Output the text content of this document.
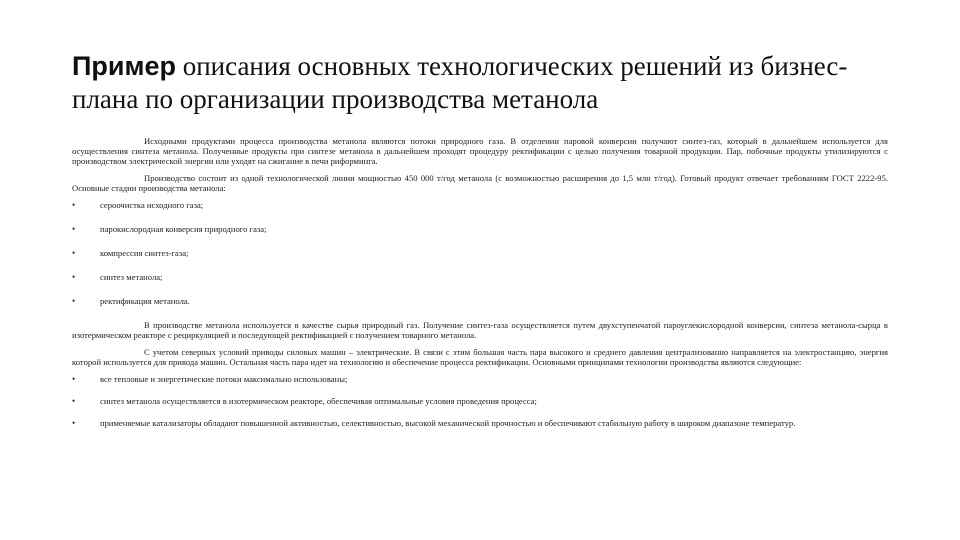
Пример описания основных технологических решений из бизнес-плана по организации производства метанола

Исходными продуктами процесса производства метанола являются потоки природного газа. В отделении паровой конверсии получают синтез-газ, который в дальнейшем используется для осуществления синтеза метанола. Полученные продукты при синтезе метанола в дальнейшем проходят процедуру ректификации с целью получения товарной продукции. Пар, побочные продукты утилизируются с производством электрической энергии или уходят на сжигание в печи риформинга.

Производство состоит из одной технологической линии мощностью 450 000 т/год метанола (с возможностью расширения до 1,5 млн т/год). Готовый продукт отвечает требованиям ГОСТ 2222-95. Основные стадии производства метанола:

•	сероочистка исходного газа;
•	парокислородная конверсия природного газа;
•	компрессия синтез-газа;
•	синтез метанола;
•	ректификация метанола.

В производстве метанола используется в качестве сырья природный газ. Получение синтез-газа осуществляется путем двухступенчатой пароуглекислородной конверсии, синтеза метанола-сырца в изотермическом реакторе с рециркуляцией и последующей ректификацией с получением товарного метанола.

С учетом северных условий приводы силовых машин – электрические. В связи с этим большая часть пара высокого и среднего давления централизованно направляется на электростанцию, энергия которой используется для привода машин. Остальная часть пара идет на технологию и обеспечение процесса ректификации. Основными принципами технологии производства являются следующие:

•	все тепловые и энергетические потоки максимально использованы;
•	синтез метанола осуществляется в изотермическом реакторе, обеспечивая оптимальные условия проведения процесса;
•	применяемые катализаторы обладают повышенной активностью, селективностью, высокой механической прочностью и обеспечивают стабильную работу в широком диапазоне температур.
